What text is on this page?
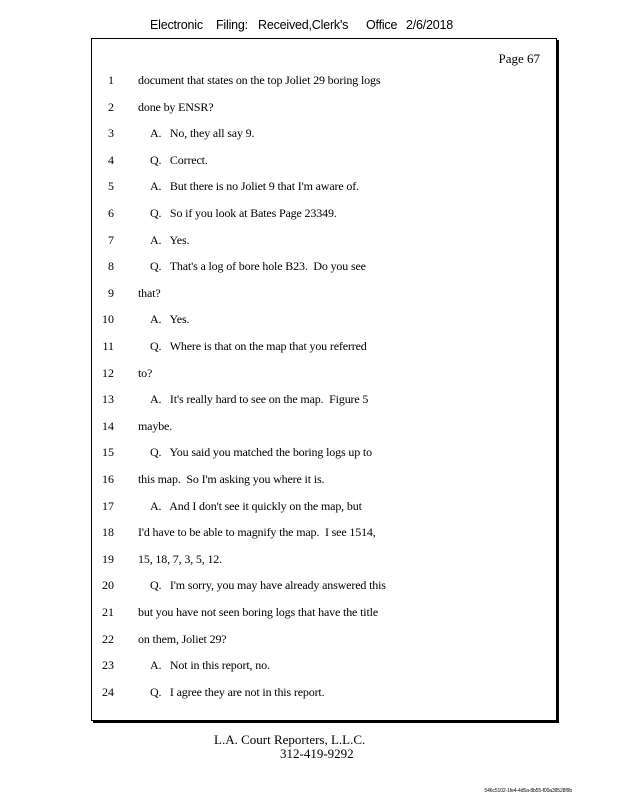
Electronic Filing: Received,Clerk's Office 2/6/2018
Page 67
1 document that states on the top Joliet 29 boring logs
2 done by ENSR?
3	A.   No, they all say 9.
4	Q.   Correct.
5	A.   But there is no Joliet 9 that I'm aware of.
6	Q.   So if you look at Bates Page 23349.
7	A.   Yes.
8	Q.   That's a log of bore hole B23.  Do you see
9 that?
10	A.   Yes.
11	Q.   Where is that on the map that you referred
12 to?
13	A.   It's really hard to see on the map.  Figure 5
14 maybe.
15	Q.   You said you matched the boring logs up to
16 this map.  So I'm asking you where it is.
17	A.   And I don't see it quickly on the map, but
18 I'd have to be able to magnify the map.  I see 1514,
19 15, 18, 7, 3, 5, 12.
20	Q.   I'm sorry, you may have already answered this
21 but you have not seen boring logs that have the title
22 on them, Joliet 29?
23	A.   Not in this report, no.
24	Q.   I agree they are not in this report.
L.A. Court Reporters, L.L.C.
312-419-9292
546c5102-1fe4-4d5a-8b55-f00a39528f9b
